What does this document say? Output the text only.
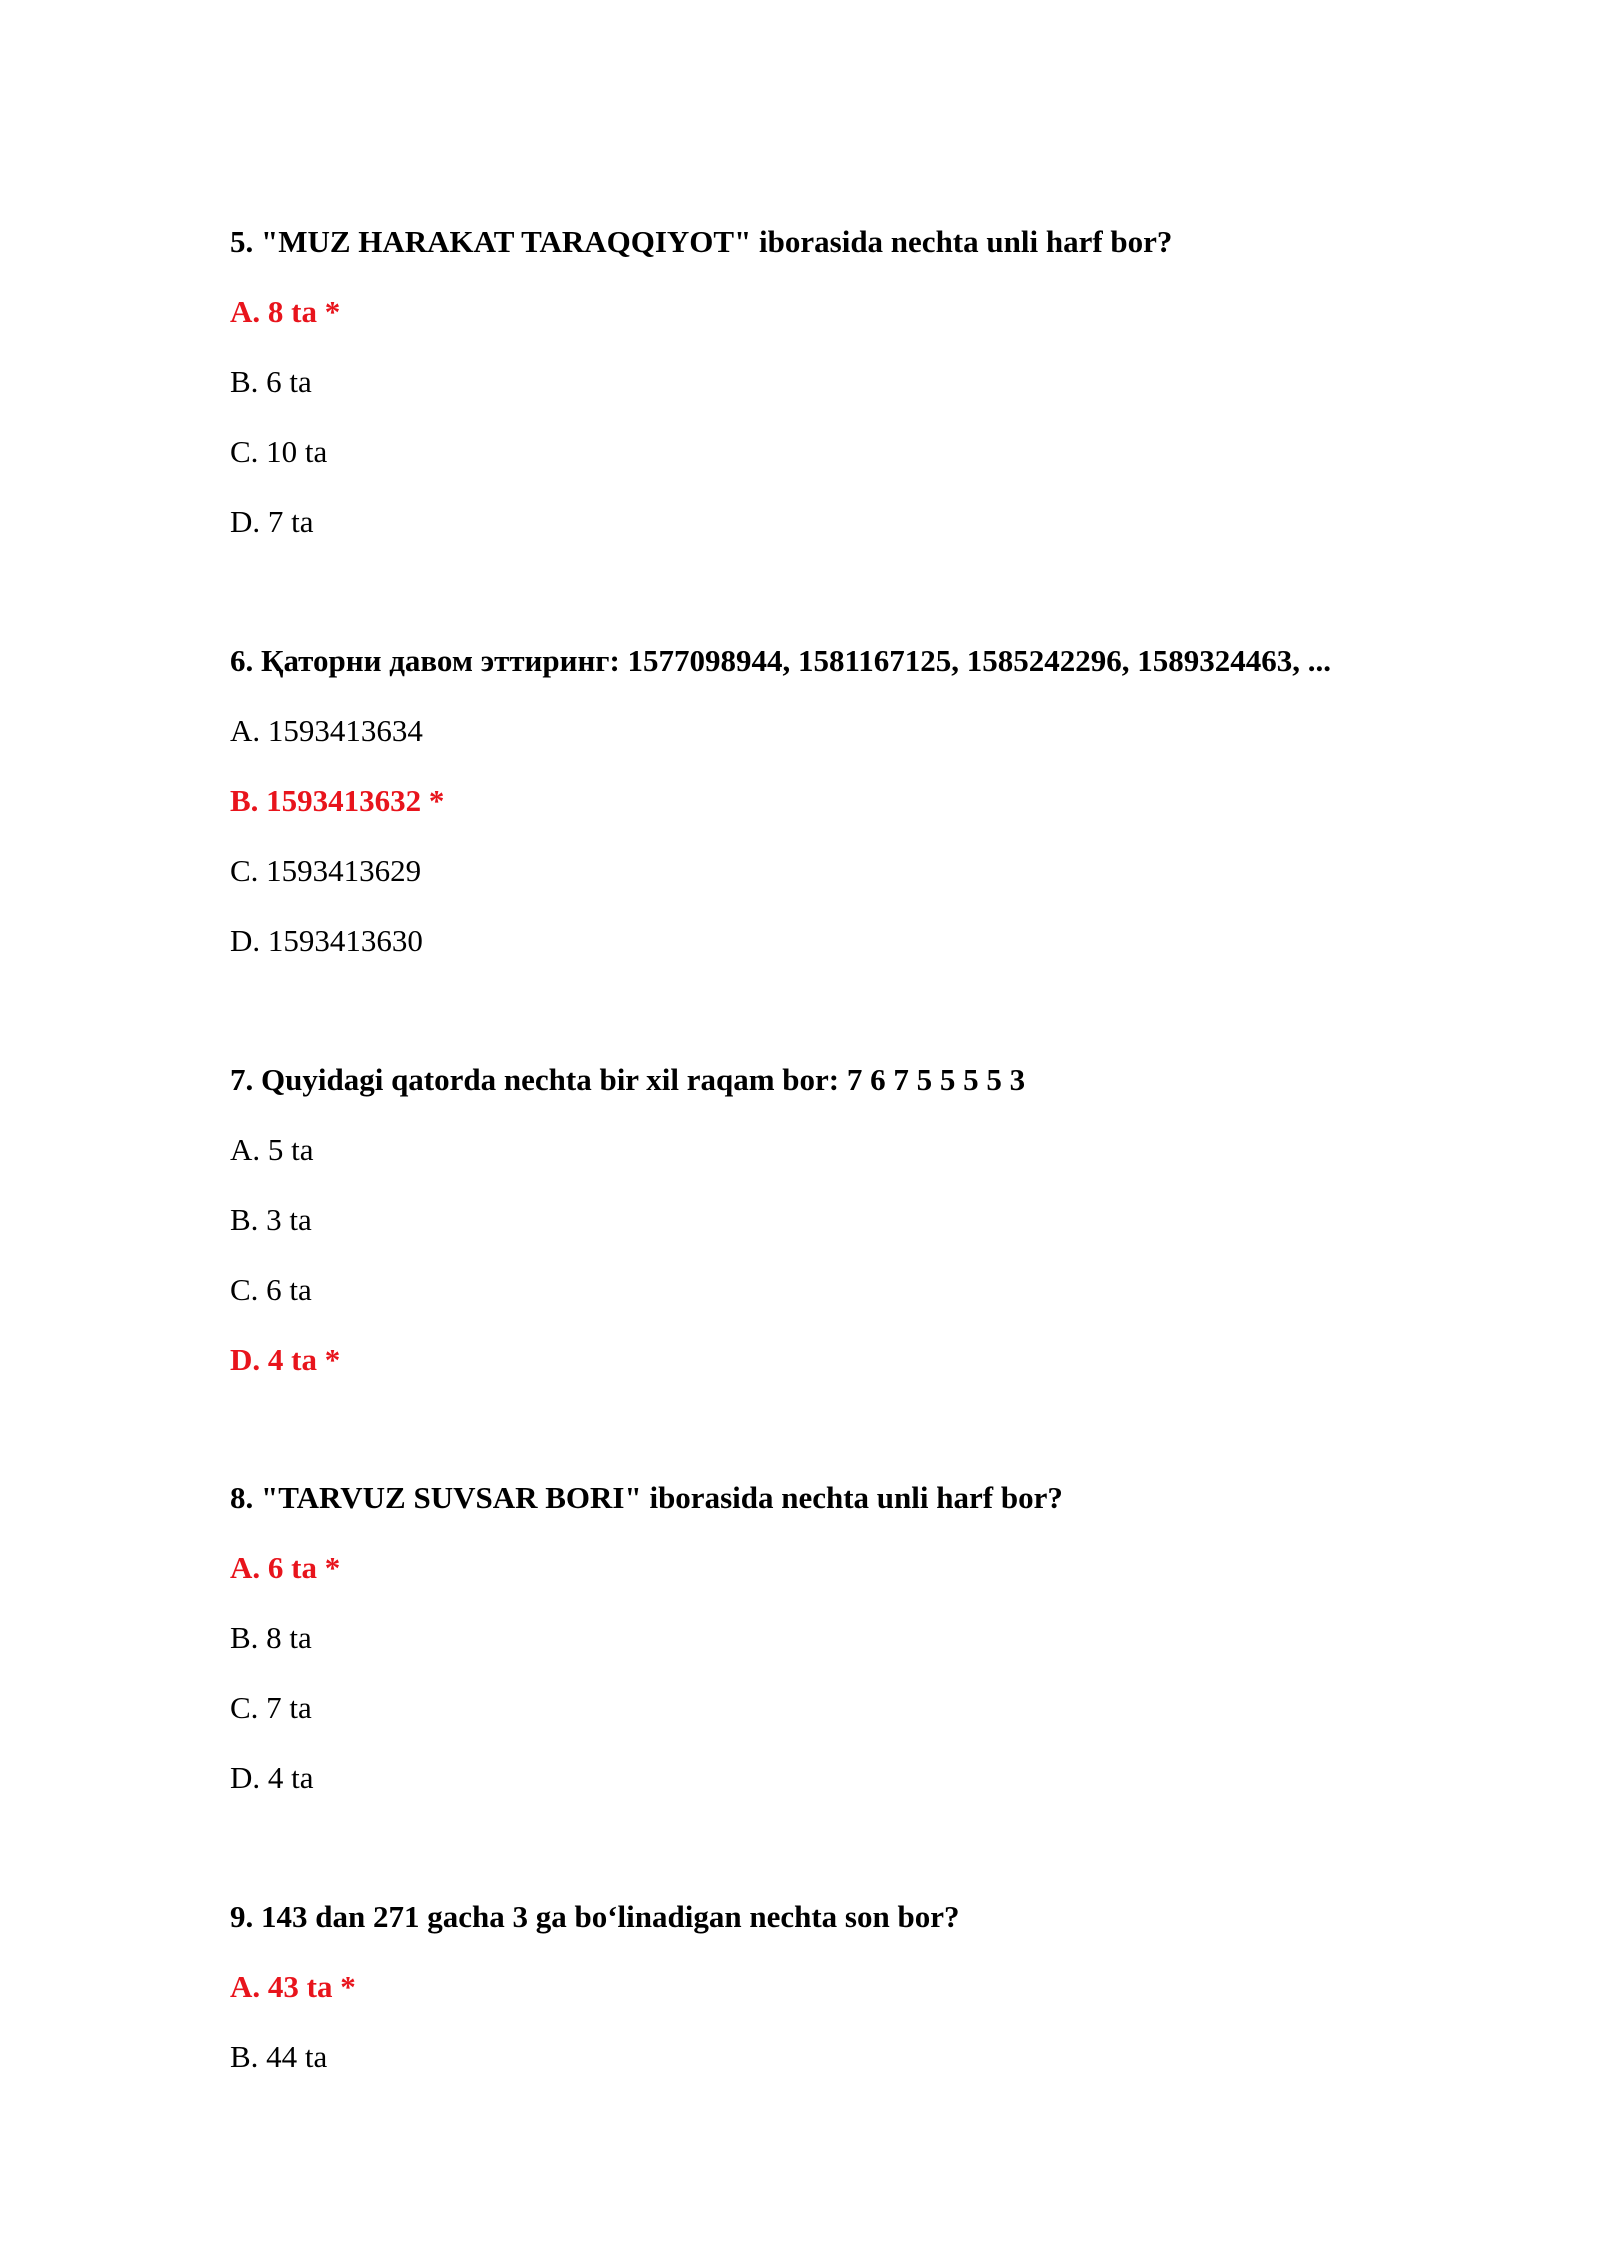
5. "MUZ HARAKAT TARAQQIYOT" iborasida nechta unli harf bor?
A. 8 ta *
B. 6 ta
C. 10 ta
D. 7 ta
6. Қаторни давом эттиринг: 1577098944, 1581167125, 1585242296, 1589324463, ...
A. 1593413634
B. 1593413632 *
C. 1593413629
D. 1593413630
7. Quyidagi qatorda nechta bir xil raqam bor: 7 6 7 5 5 5 5 3
A. 5 ta
B. 3 ta
C. 6 ta
D. 4 ta *
8. "TARVUZ SUVSAR BORI" iborasida nechta unli harf bor?
A. 6 ta *
B. 8 ta
C. 7 ta
D. 4 ta
9. 143 dan 271 gacha 3 ga bo‘linadigan nechta son bor?
A. 43 ta *
B. 44 ta
